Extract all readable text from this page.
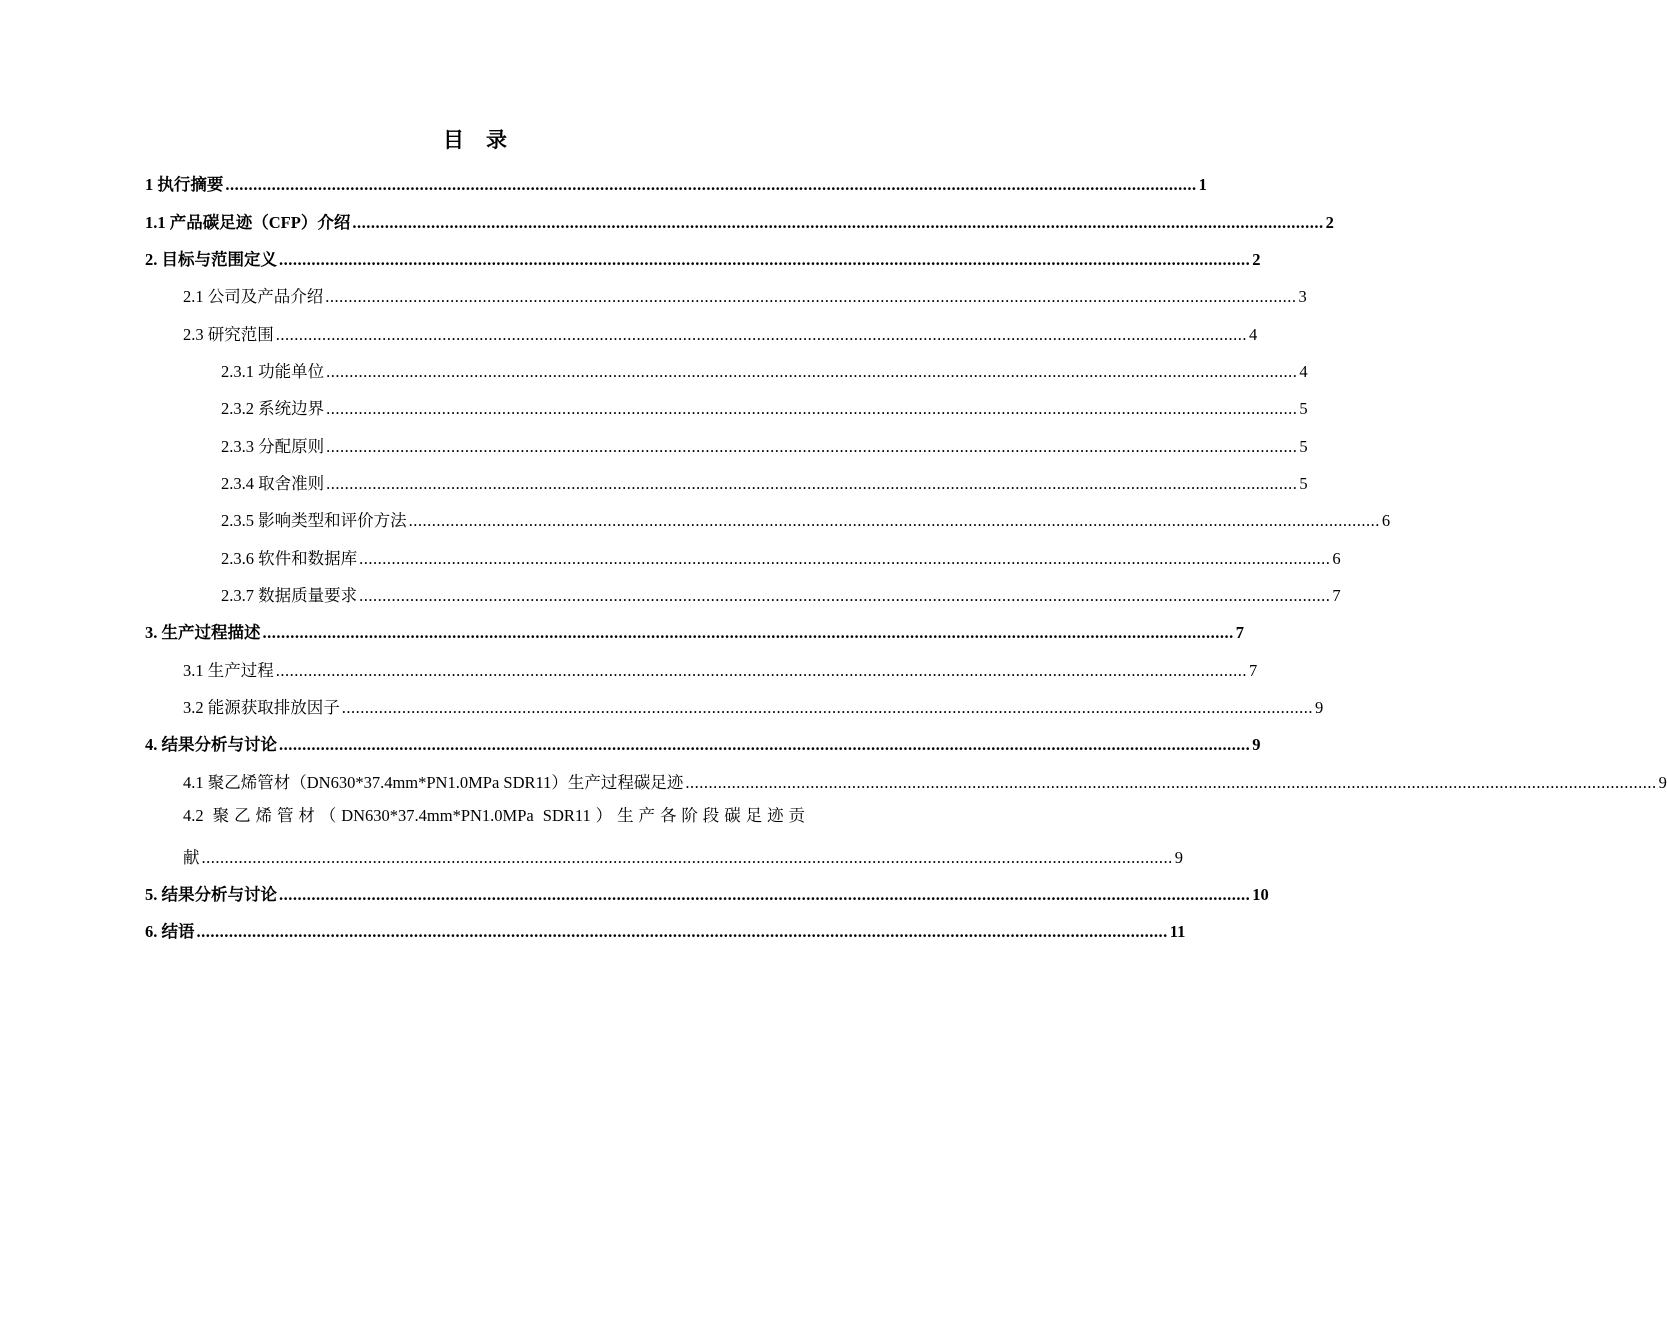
目 录
1 执行摘要 .................................................................................................................................................................................................................. 1
1.1 产品碳足迹（CFP）介绍 .................................................................................................................................................................................................................. 2
2. 目标与范围定义 .................................................................................................................................................................................................................. 2
2.1 公司及产品介绍 .................................................................................................................................................................................................................. 3
2.3 研究范围 .................................................................................................................................................................................................................. 4
2.3.1 功能单位 .................................................................................................................................................................................................................. 4
2.3.2 系统边界 .................................................................................................................................................................................................................. 5
2.3.3 分配原则 .................................................................................................................................................................................................................. 5
2.3.4 取舍准则 .................................................................................................................................................................................................................. 5
2.3.5 影响类型和评价方法 .................................................................................................................................................................................................................. 6
2.3.6 软件和数据库 .................................................................................................................................................................................................................. 6
2.3.7 数据质量要求 .................................................................................................................................................................................................................. 7
3. 生产过程描述 .................................................................................................................................................................................................................. 7
3.1 生产过程 .................................................................................................................................................................................................................. 7
3.2 能源获取排放因子 .................................................................................................................................................................................................................. 9
4. 结果分析与讨论 .................................................................................................................................................................................................................. 9
4.1 聚乙烯管材（DN630*37.4mm*PN1.0MPa SDR11）生产过程碳足迹 .................................................................................................................................................................................................................. 9
4.2 聚乙烯管材（DN630*37.4mm*PN1.0MPa SDR11）生产各阶段碳足迹贡
献 .................................................................................................................................................................................................................. 9
5. 结果分析与讨论 .................................................................................................................................................................................................................. 10
6. 结语 .................................................................................................................................................................................................................. 11
